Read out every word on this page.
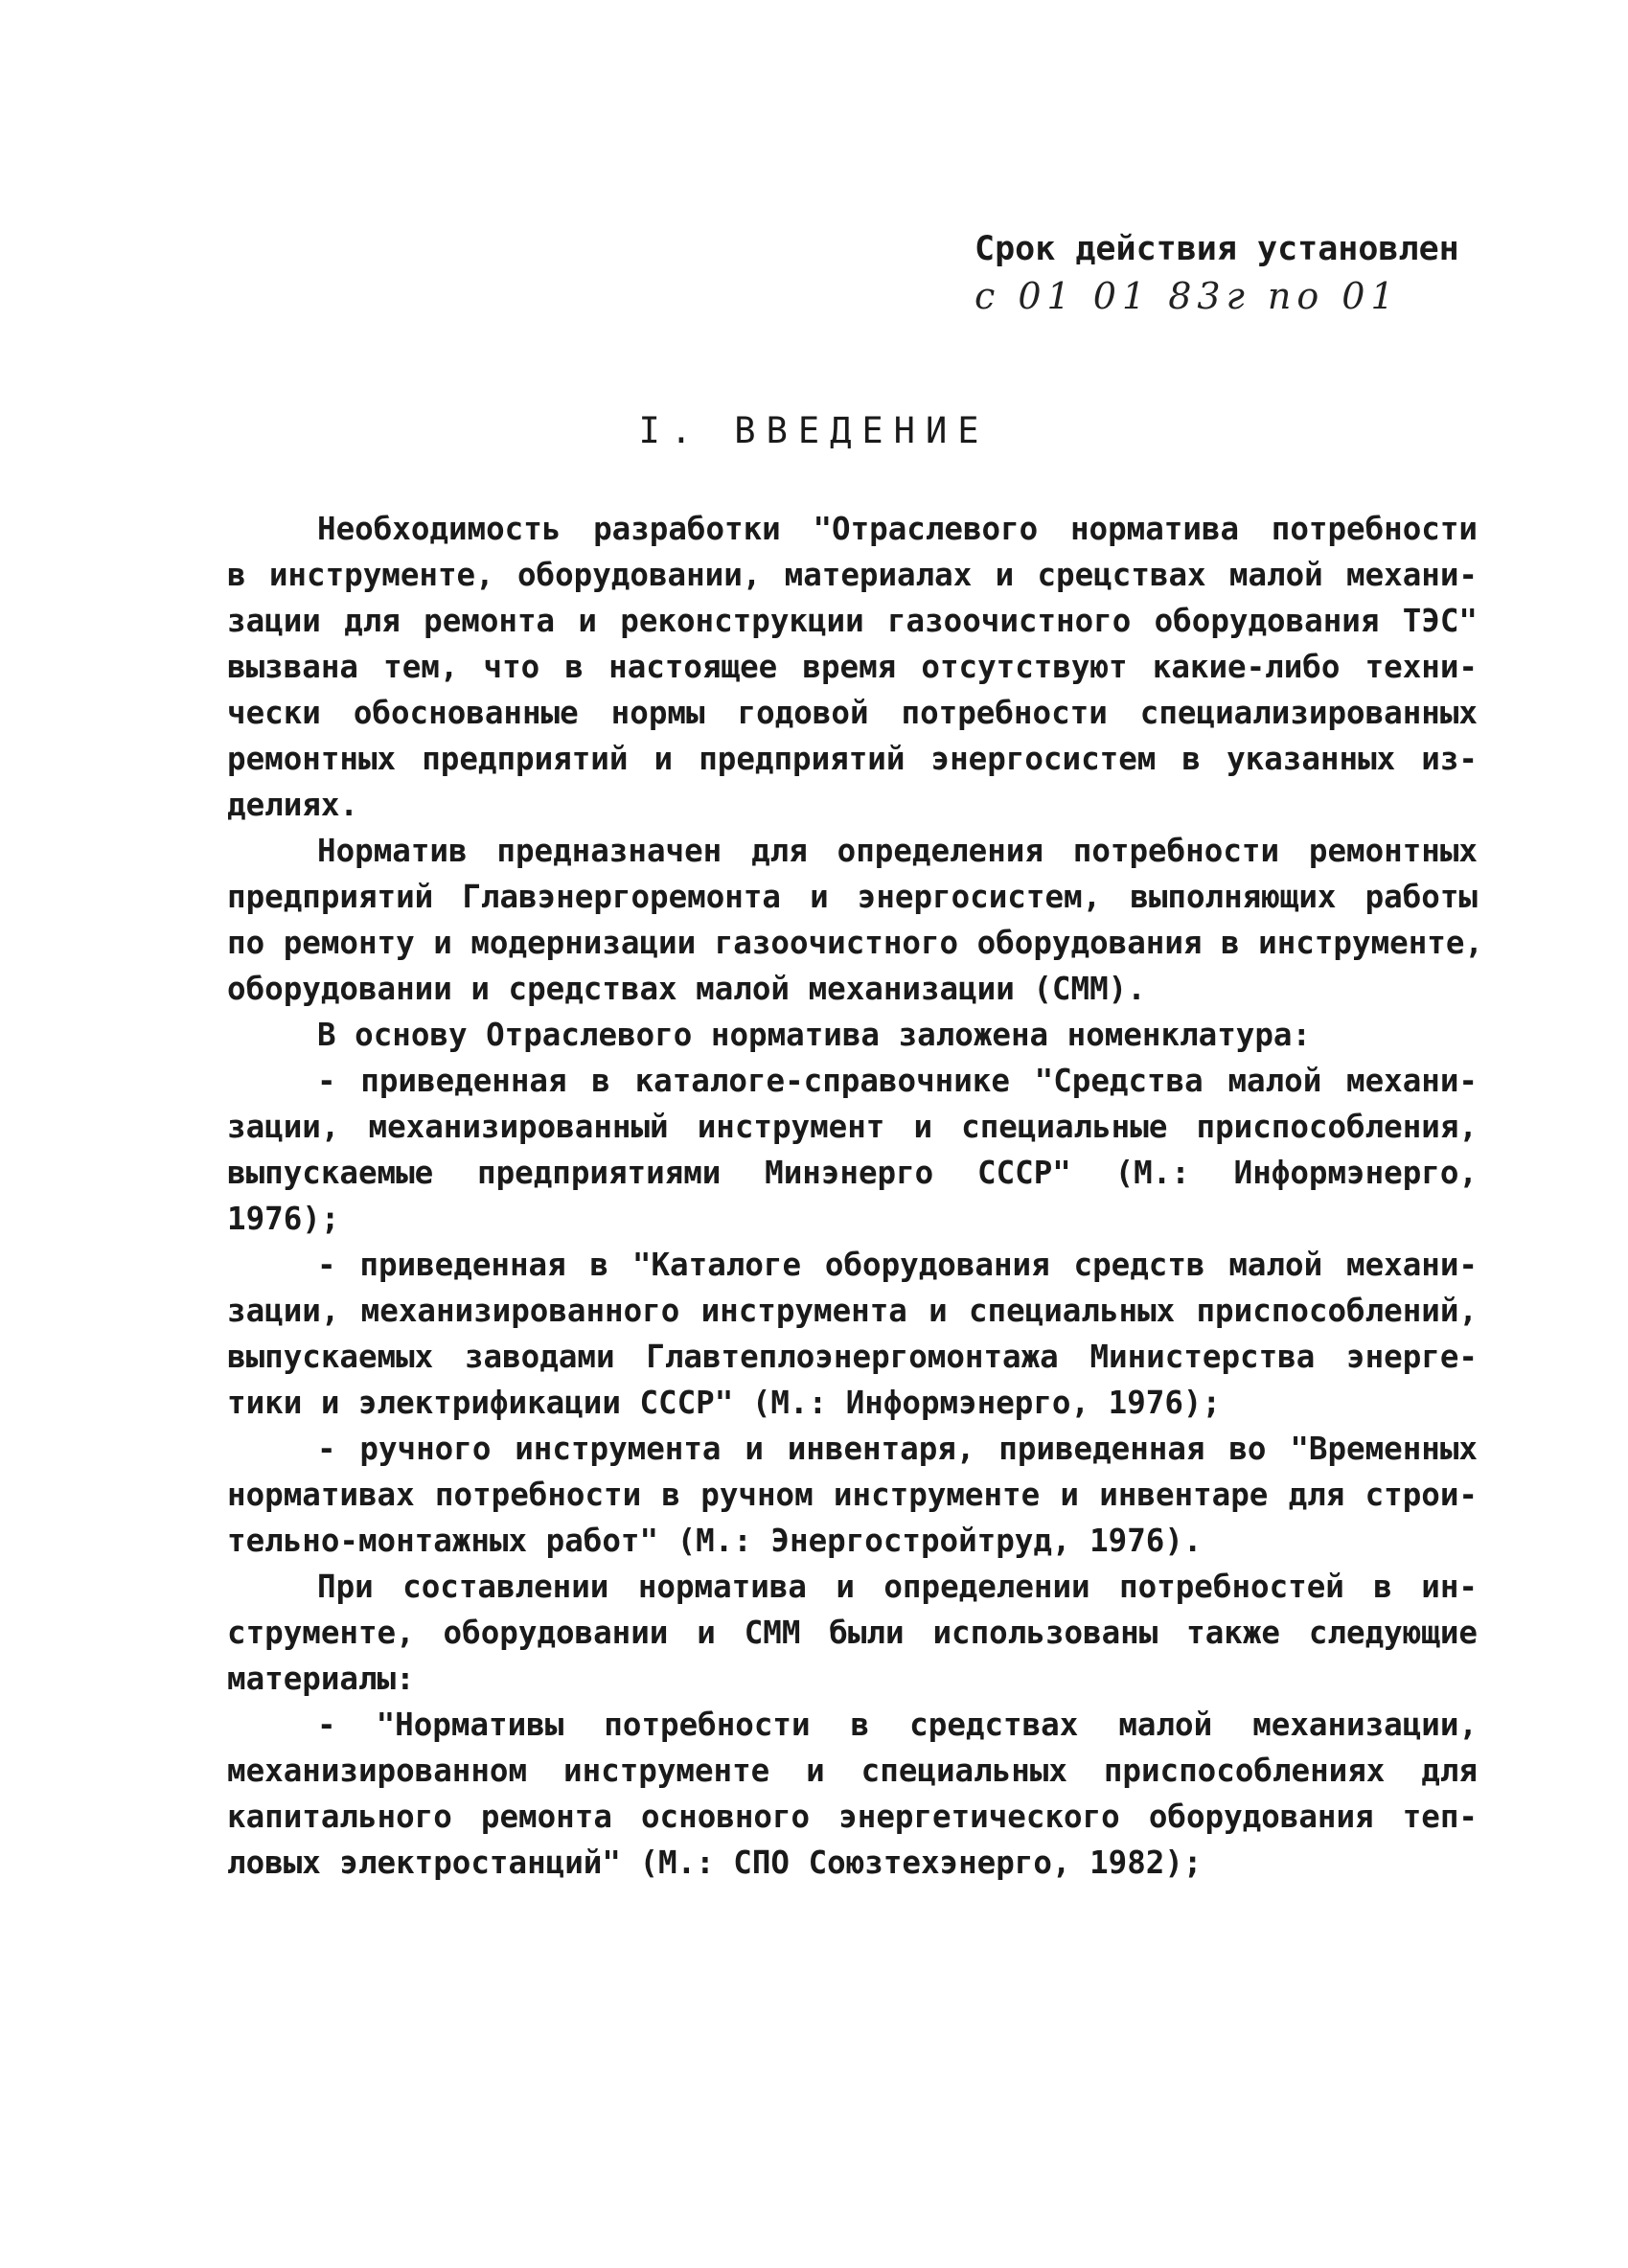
Срок действия установлен
с 01 01 83г по 01
I. ВВЕДЕНИЕ
Необходимость разработки "Отраслевого норматива потребности
в инструменте, оборудовании, материалах и срецствах малой механи-
зации для ремонта и реконструкции газоочистного оборудования ТЭС"
вызвана тем, что в настоящее время отсутствуют какие-либо техни-
чески обоснованные нормы годовой потребности специализированных
ремонтных предприятий и предприятий энергосистем в указанных из-
делиях.
Норматив предназначен для определения потребности ремонтных
предприятий Главэнергоремонта и энергосистем, выполняющих работы
по ремонту и модернизации газоочистного оборудования в инструменте,
оборудовании и средствах малой механизации (СММ).
В основу Отраслевого норматива заложена номенклатура:
- приведенная в каталоге-справочнике "Средства малой механи-
зации, механизированный инструмент и специальные приспособления,
выпускаемые предприятиями Минэнерго СССР" (М.: Информэнерго,
1976);
- приведенная в "Каталоге оборудования средств малой механи-
зации, механизированного инструмента и специальных приспособлений,
выпускаемых заводами Главтеплоэнергомонтажа Министерства энерге-
тики и электрификации СССР" (М.: Информэнерго, 1976);
- ручного инструмента и инвентаря, приведенная во "Временных
нормативах потребности в ручном инструменте и инвентаре для строи-
тельно-монтажных работ" (М.: Энергостройтруд, 1976).
При составлении норматива и определении потребностей в ин-
струменте, оборудовании и СММ были использованы также следующие
материалы:
- "Нормативы потребности в средствах малой механизации,
механизированном инструменте и специальных приспособлениях для
капитального ремонта основного энергетического оборудования теп-
ловых электростанций" (М.: СПО Союзтехэнерго, 1982);
